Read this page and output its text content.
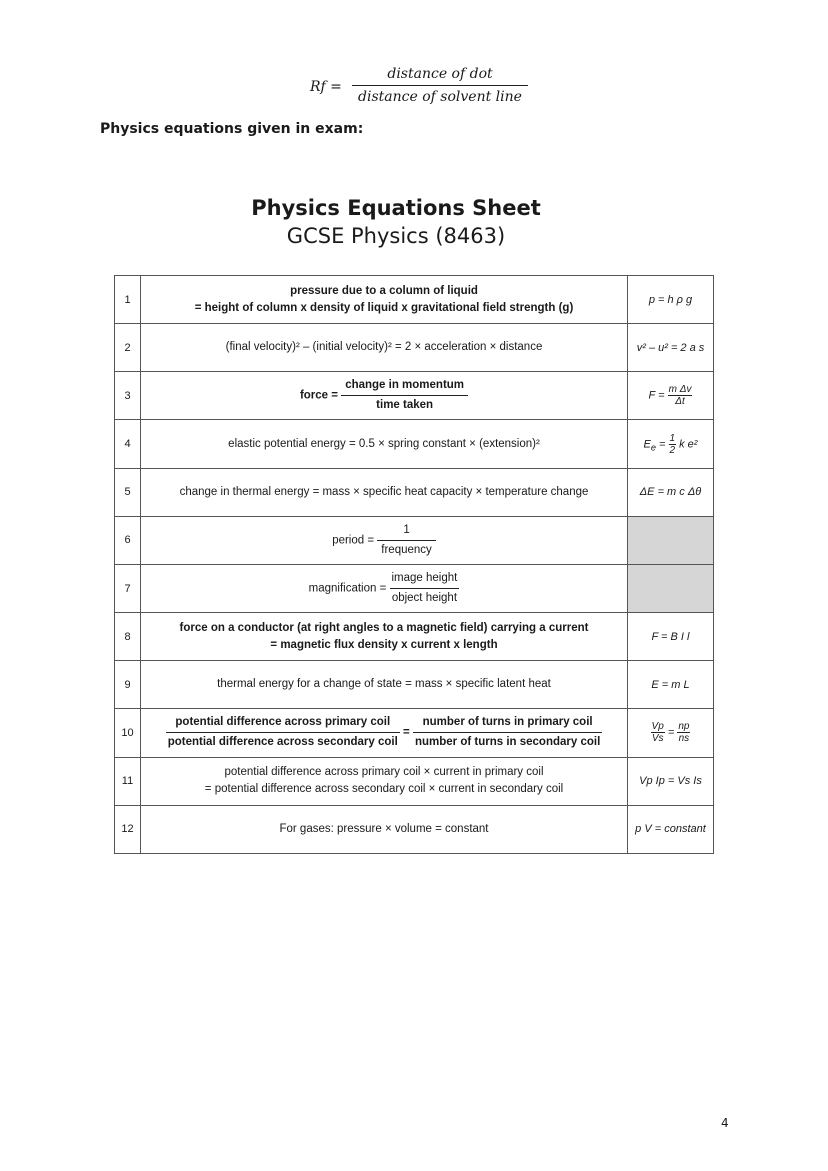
Rf =
distance of dot
distance of solvent line
Physics equations given in exam:
Physics Equations Sheet
GCSE Physics (8463)
1	pressure due to a column of liquid
= height of column x density of liquid x gravitational field strength (g)	p = h ρ g
2	(final velocity)² – (initial velocity)² = 2 × acceleration × distance	v² – u² = 2 a s
3	force = $\frac{\text{change in momentum}}{\text{time taken}}$	$F = \frac{\text{m Δv}}{\Delta t}$

4	elastic potential energy = 0.5 × spring constant × (extension)²	$E_e = \frac{1}{2}$ k e²
5	change in thermal energy = mass × specific heat capacity × temperature change	ΔE = m c Δθ
6	period = $\frac{1}{\text{frequency}}$

7	magnification =
image height
object height	

8	force on a conductor (at right angles to a magnetic field) carrying a current
= magnetic flux density x current x length	F = B I l
9	thermal energy for a change of state = mass × specific latent heat	E = m L
10	potential difference across primary coil
potential difference across secondary coil
=
number of turns in primary coil
number of turns in secondary coil	$\frac{Vp}{Vs} = \frac{np}{ns}$

11	potential difference across primary coil × current in primary coil
= potential difference across secondary coil × current in secondary coil	Vp Ip = Vs Is
12	For gases: pressure × volume = constant	p V = constant
4
